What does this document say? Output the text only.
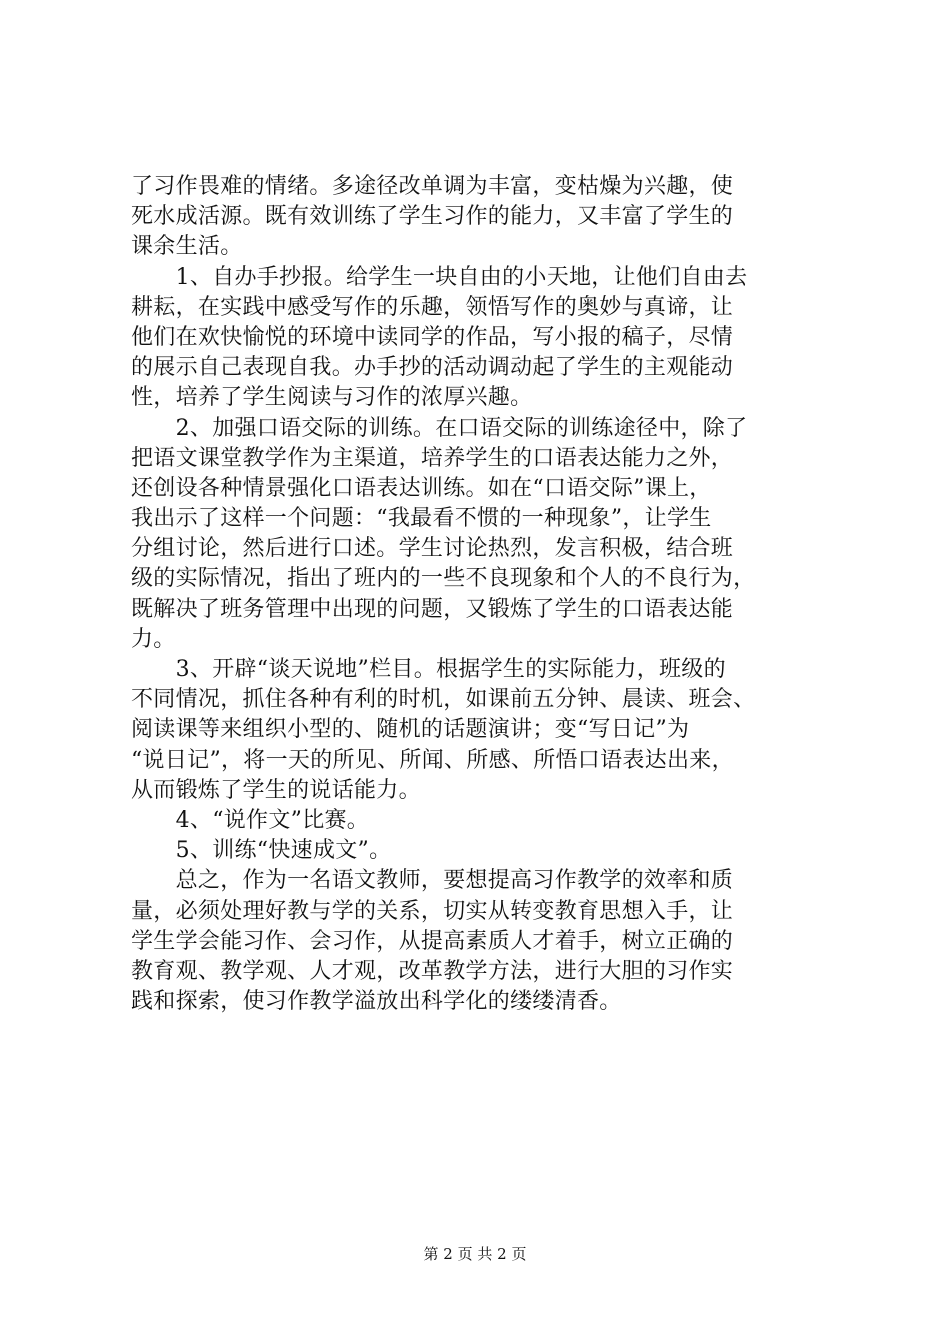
了习作畏难的情绪。多途径改单调为丰富，变枯燥为兴趣，使
死水成活源。既有效训练了学生习作的能力，又丰富了学生的
课余生活。
　　1、自办手抄报。给学生一块自由的小天地，让他们自由去
耕耘，在实践中感受写作的乐趣，领悟写作的奥妙与真谛，让
他们在欢快愉悦的环境中读同学的作品，写小报的稿子，尽情
的展示自己表现自我。办手抄的活动调动起了学生的主观能动
性，培养了学生阅读与习作的浓厚兴趣。
　　2、加强口语交际的训练。在口语交际的训练途径中，除了
把语文课堂教学作为主渠道，培养学生的口语表达能力之外，
还创设各种情景强化口语表达训练。如在“口语交际”课上，
我出示了这样一个问题：“我最看不惯的一种现象”，让学生
分组讨论，然后进行口述。学生讨论热烈，发言积极，结合班
级的实际情况，指出了班内的一些不良现象和个人的不良行为，
既解决了班务管理中出现的问题，又锻炼了学生的口语表达能
力。
　　3、开辟“谈天说地”栏目。根据学生的实际能力，班级的
不同情况，抓住各种有利的时机，如课前五分钟、晨读、班会、
阅读课等来组织小型的、随机的话题演讲；变“写日记”为
“说日记”，将一天的所见、所闻、所感、所悟口语表达出来，
从而锻炼了学生的说话能力。
　　4、“说作文”比赛。
　　5、训练“快速成文”。
　　总之，作为一名语文教师，要想提高习作教学的效率和质
量，必须处理好教与学的关系，切实从转变教育思想入手，让
学生学会能习作、会习作，从提高素质人才着手，树立正确的
教育观、教学观、人才观，改革教学方法，进行大胆的习作实
践和探索，使习作教学溢放出科学化的缕缕清香。
第 2 页 共 2 页
